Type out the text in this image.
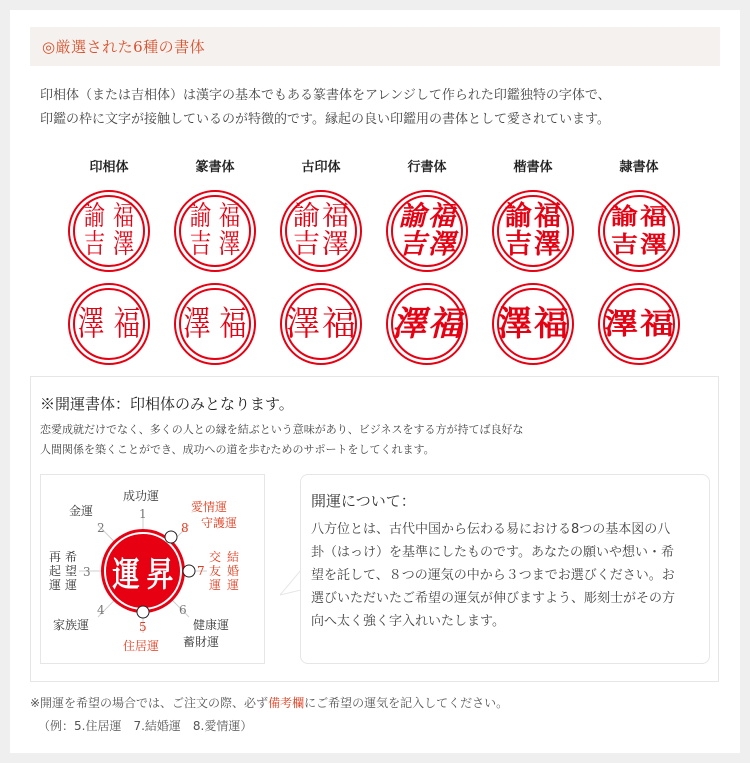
◎厳選された6種の書体
印相体（または吉相体）は漢字の基本でもある篆書体をアレンジして作られた印鑑独特の字体で、
印鑑の枠に文字が接触しているのが特徴的です。縁起の良い印鑑用の書体として愛されています。
印相体
福
澤
諭
吉
福
澤
篆書体
福
澤
諭
吉
福
澤
古印体
福
澤
諭
吉
福
澤
行書体
福
澤
諭
吉
福
澤
楷書体
福
澤
諭
吉
福
澤
隷書体
福
澤
諭
吉
福
澤
※開運書体：印相体のみとなります。
恋愛成就だけでなく、多くの人との縁を結ぶという意味があり、ビジネスをする方が持てば良好な
人間関係を築くことができ、成功への道を歩むためのサポートをしてくれます。
昇
運
成功運
1
金運
2
愛情運
守護運
8
再
起
運
希
望
運
3
交
友
運
結
婚
運
7
4
家族運
6
健康運
5
住居運 蓄財運
開運について：
八方位とは、古代中国から伝わる易における8つの基本図の八
卦（はっけ）を基準にしたものです。あなたの願いや想い・希
望を託して、８つの運気の中から３つまでお選びください。お
選びいただいたご希望の運気が伸びますよう、彫刻士がその方
向へ太く強く字入れいたします。
※開運を希望の場合では、ご注文の際、必ず備考欄にご希望の運気を記入してください。
（例：5.住居運　7.結婚運　8.愛情運）
